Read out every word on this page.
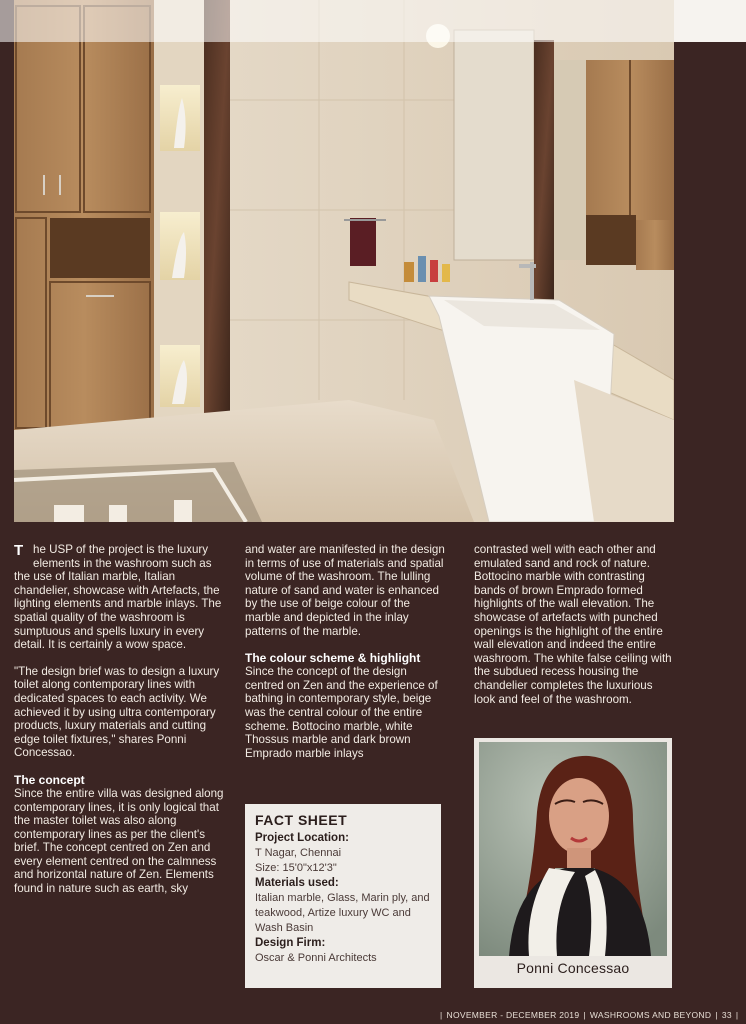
T he USP of the project is the luxury elements in the washroom such as the use of Italian marble, Italian chandelier, showcase with Artefacts, the lighting elements and marble inlays. The spatial quality of the washroom is sumptuous and spells luxury in every detail. It is certainly a wow space.

"The design brief was to design a luxury toilet along contemporary lines with dedicated spaces to each activity. We achieved it by using ultra contemporary products, luxury materials and cutting edge toilet fixtures," shares Ponni Concessao.

The concept

Since the entire villa was designed along contemporary lines, it is only logical that the master toilet was also along contemporary lines as per the client's brief. The concept centred on Zen and every element centred on the calmness and horizontal nature of Zen. Elements found in nature such as earth, sky

and water are manifested in the design in terms of use of materials and spatial volume of the washroom. The lulling nature of sand and water is enhanced by the use of beige colour of the marble and depicted in the inlay patterns of the marble.

The colour scheme & highlight

Since the concept of the design centred on Zen and the experience of bathing in contemporary style, beige was the central colour of the entire scheme. Bottocino marble, white Thossus marble and dark brown Emprado marble inlays

contrasted well with each other and emulated sand and rock of nature. Bottocino marble with contrasting bands of brown Emprado formed highlights of the wall elevation. The showcase of artefacts with punched openings is the highlight of the entire wall elevation and indeed the entire washroom. The white false ceiling with the subdued recess housing the chandelier completes the luxurious look and feel of the washroom.

FACT SHEET
Project Location:
T Nagar, Chennai
Size: 15'0"x12'3"
Materials used:
Italian marble, Glass, Marin ply, and teakwood, Artize luxury WC and Wash Basin
Design Firm:
Oscar & Ponni Architects
Ponni Concessao
| NOVEMBER - DECEMBER 2019 | WASHROOMS AND BEYOND | 33 |
